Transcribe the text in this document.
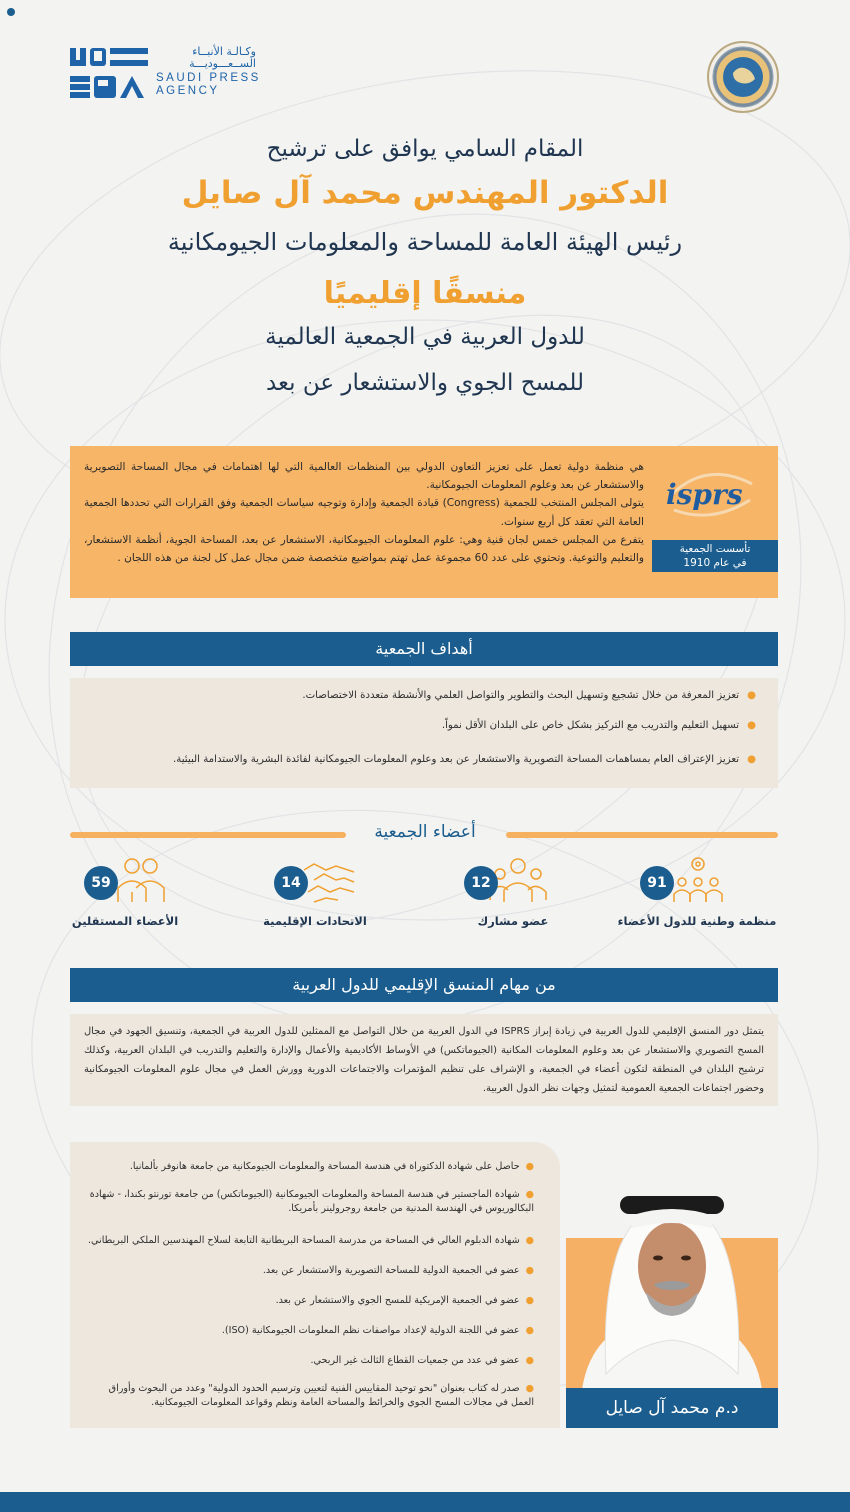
وكـالـة الأنبــاء
الســعـــوديـــة
SAUDI PRESS
AGENCY
المقام السامي يوافق على ترشيح
الدكتور المهندس محمد آل صايل
رئيس الهيئة العامة للمساحة والمعلومات الجيومكانية
منسقًا إقليميًا
للدول العربية في الجمعية العالمية
للمسح الجوي والاستشعار عن بعد

هي منظمة دولية تعمل على تعزيز التعاون الدولي بين المنظمات العالمية التي لها اهتمامات في مجال المساحة التصويرية والاستشعار عن بعد وعلوم المعلومات الجيومكانية.

يتولى المجلس المنتخب للجمعية (Congress) قيادة الجمعية وإدارة وتوجيه سياسات الجمعية وفق القرارات التي تحددها الجمعية العامة التي تعقد كل أربع سنوات.

يتفرع من المجلس خمس لجان فنية وهي: علوم المعلومات الجيومكانية، الاستشعار عن بعد، المساحة الجوية، أنظمة الاستشعار، والتعليم والتوعية. وتحتوي على عدد 60 مجموعة عمل تهتم بمواضيع متخصصة ضمن مجال عمل كل لجنة من هذه اللجان .

isprs
تأسست الجمعية
في عام 1910
أهداف الجمعية
●تعزيز المعرفة من خلال تشجيع وتسهيل البحث والتطوير والتواصل العلمي والأنشطة متعددة الاختصاصات.
●تسهيل التعليم والتدريب مع التركيز بشكل خاص على البلدان الأقل نمواً.
●تعزيز الإعتراف العام بمساهمات المساحة التصويرية والاستشعار عن بعد وعلوم المعلومات الجيومكانية لفائدة البشرية والاستدامة البيئية.
أعضاء الجمعية
91
منظمة وطنية للدول الأعضاء
12
عضو مشارك
14
الاتحادات الإقليمية
59
الأعضاء المستقلين
من مهام المنسق الإقليمي للدول العربية
يتمثل دور المنسق الإقليمي للدول العربية في زيادة إبراز ISPRS في الدول العربية من خلال التواصل مع الممثلين للدول العربية في الجمعية، وتنسيق الجهود في مجال المسح التصويري والاستشعار عن بعد وعلوم المعلومات المكانية (الجيوماتكس) في الأوساط الأكاديمية والأعمال والإدارة والتعليم والتدريب في البلدان العربية، وكذلك ترشيح البلدان في المنطقة لتكون أعضاء في الجمعية، و الإشراف على تنظيم المؤتمرات والاجتماعات الدورية وورش العمل في مجال علوم المعلومات الجيومكانية وحضور اجتماعات الجمعية العمومية لتمثيل وجهات نظر الدول العربية.
●حاصل على شهادة الدكتوراة في هندسة المساحة والمعلومات الجيومكانية من جامعة هانوفر بألمانيا.
●شهادة الماجستير في هندسة المساحة والمعلومات الجيومكانية (الجيوماتكس) من جامعة تورنتو بكندا، - شهادة البكالوريوس في الهندسة المدنية من جامعة روجرولينر بأمريكا.
●شهادة الدبلوم العالي في المساحة من مدرسة المساحة البريطانية التابعة لسلاح المهندسين الملكي البريطاني.
●عضو في الجمعية الدولية للمساحة التصويرية والاستشعار عن بعد.
●عضو في الجمعية الإمريكية للمسح الجوي والاستشعار عن بعد.
●عضو في اللجنة الدولية لإعداد مواصفات نظم المعلومات الجيومكانية (ISO).
●عضو في عدد من جمعيات القطاع الثالث غير الربحي.
●صدر له كتاب بعنوان "نحو توحيد المقاييس الفنية لتعيين وترسيم الحدود الدولية" وعدد من البحوث وأوراق العمل في مجالات المسح الجوي والخرائط والمساحة العامة ونظم وقواعد المعلومات الجيومكانية.	د.م محمد آل صايل
